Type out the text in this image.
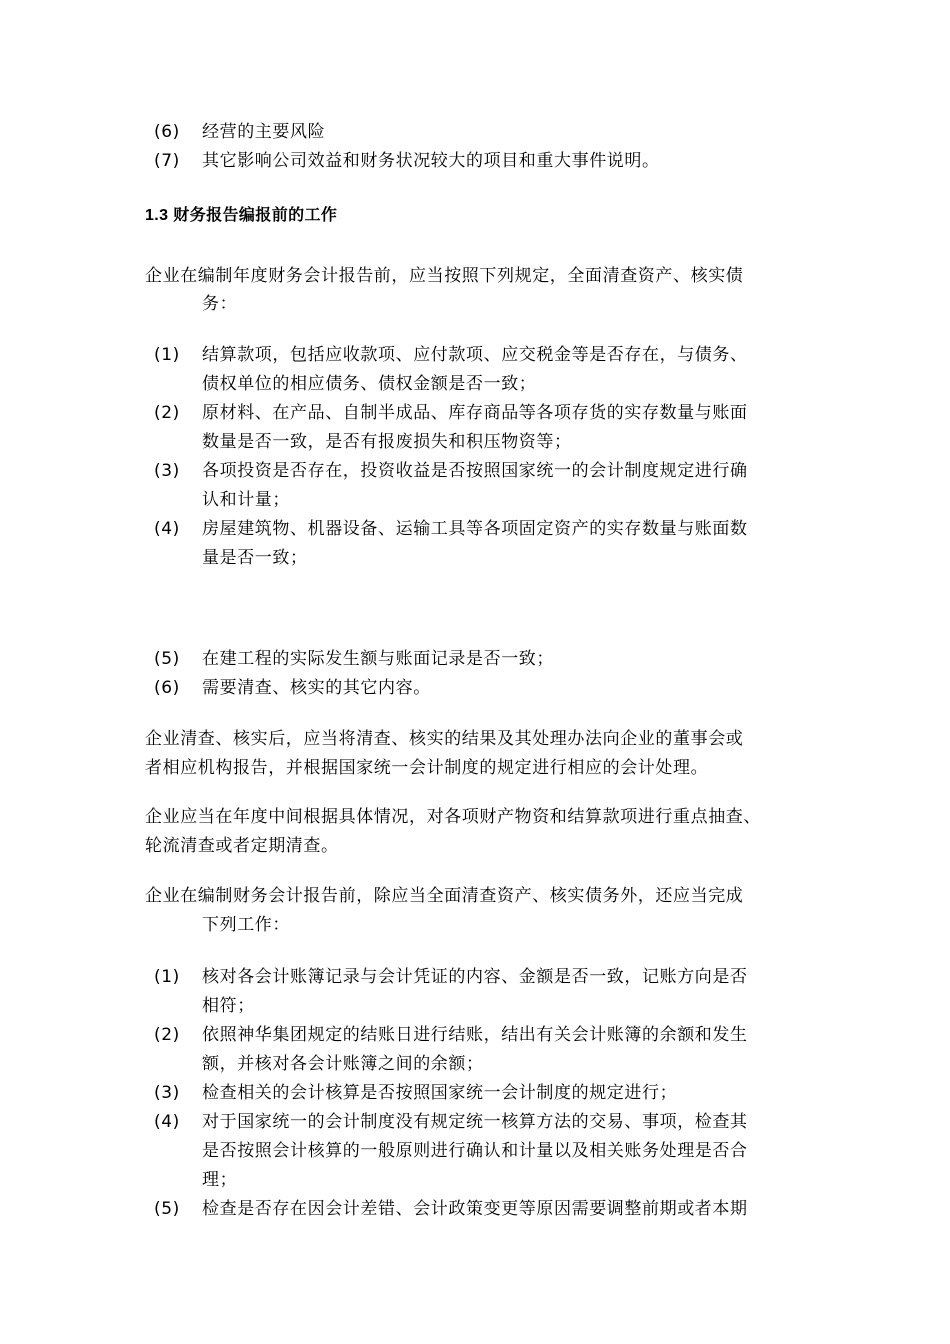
(6) 经营的主要风险
(7) 其它影响公司效益和财务状况较大的项目和重大事件说明。
1.3 财务报告编报前的工作
企业在编制年度财务会计报告前，应当按照下列规定，全面清查资产、核实债
务：
(1) 结算款项，包括应收款项、应付款项、应交税金等是否存在，与债务、
债权单位的相应债务、债权金额是否一致；
(2) 原材料、在产品、自制半成品、库存商品等各项存货的实存数量与账面
数量是否一致，是否有报废损失和积压物资等；
(3) 各项投资是否存在，投资收益是否按照国家统一的会计制度规定进行确
认和计量；
(4) 房屋建筑物、机器设备、运输工具等各项固定资产的实存数量与账面数
量是否一致；
(5) 在建工程的实际发生额与账面记录是否一致；
(6) 需要清查、核实的其它内容。
企业清查、核实后，应当将清查、核实的结果及其处理办法向企业的董事会或
者相应机构报告，并根据国家统一会计制度的规定进行相应的会计处理。
企业应当在年度中间根据具体情况，对各项财产物资和结算款项进行重点抽查、
轮流清查或者定期清查。
企业在编制财务会计报告前，除应当全面清查资产、核实债务外，还应当完成
下列工作：
(1) 核对各会计账簿记录与会计凭证的内容、金额是否一致，记账方向是否
相符；
(2) 依照神华集团规定的结账日进行结账，结出有关会计账簿的余额和发生
额，并核对各会计账簿之间的余额；
(3) 检查相关的会计核算是否按照国家统一会计制度的规定进行；
(4) 对于国家统一的会计制度没有规定统一核算方法的交易、事项，检查其
是否按照会计核算的一般原则进行确认和计量以及相关账务处理是否合
理；
(5) 检查是否存在因会计差错、会计政策变更等原因需要调整前期或者本期
